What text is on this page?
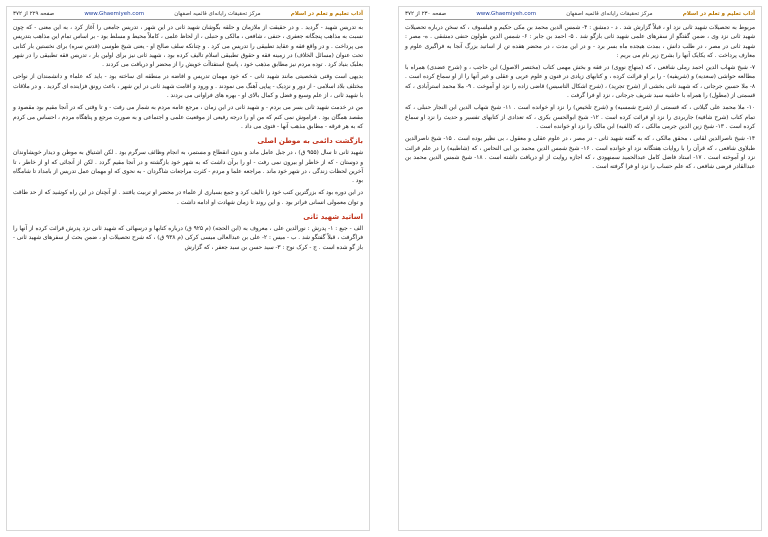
آداب تعلیم و تعلم در اسلام
مرکز تحقیقات رایانه‌ای قائمیه اصفهان
www.Ghaemiyeh.com
صفحه ۲۲۹ از ۳۷۲

به تدریس شهید - گردید . و در حقیقت از ملازمان و حلقه بگوشان شهید ثانی در این شهر ، تدریس جامعی را آغاز کرد ، به این معنی - که چون نسبت به مذاهب پنجگانه جعفری ، حنفی ، شافعی ، مالکی و حنبلی ، از لحاظ علمی ، کاملاً محیط و مسلط بود - بر اساس تمام این مذاهب بتدریس می پرداخت . و در واقع فقه و عقاید تطبیقی را تدریس می کرد . و چنانکه سلف صالح او - یعنی شیخ طوسی (قدس سره) برای نخستین بار کتابی تحت عنوان (مسائل الخلاف) در زمینه فقه و حقوق تطبیقی اسلام تالیف کرده بود ، شهید ثانی نیز برای اولین بار ، تدریس فقه تطبیقی را در شهر بعلبک بنیاد کرد . توده مردم نیز مطابق مذهب خود ، پاسخ استفتاآت خویش را از محضر او دریافت می کردند .

بدیهی است وقتی شخصیتی مانند شهید ثانی - که خود مهمان تدریس و افاضه در منطقه ای ساخته بود - باید که علماء و دانشمندان از نواحی مختلف بلاد اسلامی - از دور و نزدیک - پیاپی آهنگ می نمودند . و ورود و اقامت شهید ثانی در این شهر ، باعث رونق فزاینده ای گردید . و در ملاقات با شهید ثانی ، از علم وسیع و فضل و کمال بالای او - بهره های فراوانی می بردند .

من در خدمت شهید ثانی بسر می بردم - و شهید ثانی در این زمان ، مرجع عامه مردم به شمار می رفت - و تا وقتی که در آنجا مقیم بود مقصود و مقصد همگان بود . فراموش نمی کنم که من او را درجه رفیعی از موقعیت علمی و اجتماعی و به صورت مرجع و پناهگاه مردم ، احساس می کردم که به هر فرقه - مطابق مذهب آنها - فتوی می داد .

بازگشت دائمی به موطن اصلی

شهید ثانی تا سال (۹۵۵ ق) ، در جبل عامل ماند و بدون انقطاع و مستمر، به انجام وظائف سرگرم بود . لکن اشتیاق به موطن و دیدار خویشاوندان و دوستان - که از خاطر او بیرون نمی رفت - او را برآن داشت که به شهر خود بازگشته و در آنجا مقیم گردد . لکن از آنجائی که او از خاطر ، تا آخرین لحظات زندگی ، در شهر خود ماند . مراجعه علما و مردم - کثرت مراجعات شاگردان - به نحوی که او مهمان عمل تدریس از بامداد تا شامگاه بود .

در این دوره بود که بزرگترین کتب خود را تالیف کرد و جمع بسیاری از علماء در محضر او تربیت یافتند . او آنچنان در این راه کوشید که از حد طاقت و توان معمولی انسانی فراتر بود . و این روند تا زمان شهادت او ادامه داشت .

اساتید شهید ثانی

الف - جبع : ۱- پدرش : نورالدین علی ، معروف به (ابن الحجه) (م ۹۲۵ ق) درباره کتابها و درسهائی که شهید ثانی نزد پدرش قرائت کرده از آنها را فراگرفت ، قبلاً گفتگو شد . ب - میس : ۲- علی بن عبدالعالی میسی کرکی (م ۹۳۸ ق) ، که شرح تحصیلات او ، ضمن بحث از سفرهای شهید ثانی - باز گو شده است . ج - کرک نوح : ۳- سید حسن بن سید جعفر ، که گزارش

آداب تعلیم و تعلم در اسلام
مرکز تحقیقات رایانه‌ای قائمیه اصفهان
www.Ghaemiyeh.com
صفحه ۲۳۰ از ۳۷۲

مربوط به تحصیلات شهید ثانی نزد او ، قبلاً گزارش شد . د - دمشق : ۴- شمس الدین محمد بن مکی حکیم و فیلسوف ، که سخن درباره تحصیلات شهید ثانی نزد وی ، ضمن گفتگو از سفرهای علمی شهید ثانی بازگو شد . ۵- احمد بن جابر : ۶- شمس الدین طولون حنفی دمشقی . ه- مصر : شهید ثانی در مصر ، در طلب دانش ، بمدت هیجده ماه بسر برد - و در این مدت ، در محضر هفده تن از اساتید بزرگ آنجا به فراگیری علوم و معارف پرداخت . که یکایک آنها را بشرح زیر نام می بریم :

۷- شیخ شهاب الدین احمد رملی شافعی ، که (منهاج نووی) در فقه و بخش مهمی کتاب (مختصر الاصول) ابن حاجب ، و (شرح عضدی) همراه با مطالعه حواشی (سعدیه) و (شریفیه) - را بر او قرائت کرده ، و کتابهای زیادی در فنون و علوم عربی و عقلی و غیر آنها را از او سماع کرده است . ۸- ملا حسین جرجانی ، که شهید ثانی بخشی از (شرح تجرید) ، (شرح اشکال التاسیس) قاضی زاده را نزد او آموخت . ۹- ملا محمد استرآبادی ، که قسمتی از (مطول) را همراه با حاشیه سید شریف جرجانی ، نزد او فرا گرفت .

۱۰- ملا محمد علی گیلانی ، که قسمتی از (شرح شمسیه) و (شرح تلخیص) را نزد او خوانده است . ۱۱- شیخ شهاب الدین ابن النجار حنبلی ، که تمام کتاب (شرح شافیه) جاربردی را نزد او قرائت کرده است . ۱۲- شیخ ابوالحسن بکری ، که تعدادی از کتابهای تفسیر و حدیث را نزد او سماع کرده است . ۱۳- شیخ زین الدین جرمی مالکی ، که (الفیه) ابن مالک را نزد او خوانده است .

۱۴- شیخ ناصرالدین لقانی ، محقق مالکی ، که به گفته شهید ثانی - در مصر ، در علوم عقلی و معقول ، بی نظیر بوده است . ۱۵- شیخ ناصرالدین طبلاوی شافعی ، که قرآن را با روایات هفتگانه نزد او خوانده است . ۱۶- شیخ شمس الدین محمد بن ابی النحاس ، که (شاطبیه) را در علم قرائت نزد او آموخته است . ۱۷- استاد فاضل کامل عبدالحمید سمنهودی ، که اجازه روایت از او دریافت داشته است . ۱۸- شیخ شمس الدین محمد بن عبدالقادر فرضی شافعی ، که علم حساب را نزد او فرا گرفته است .
